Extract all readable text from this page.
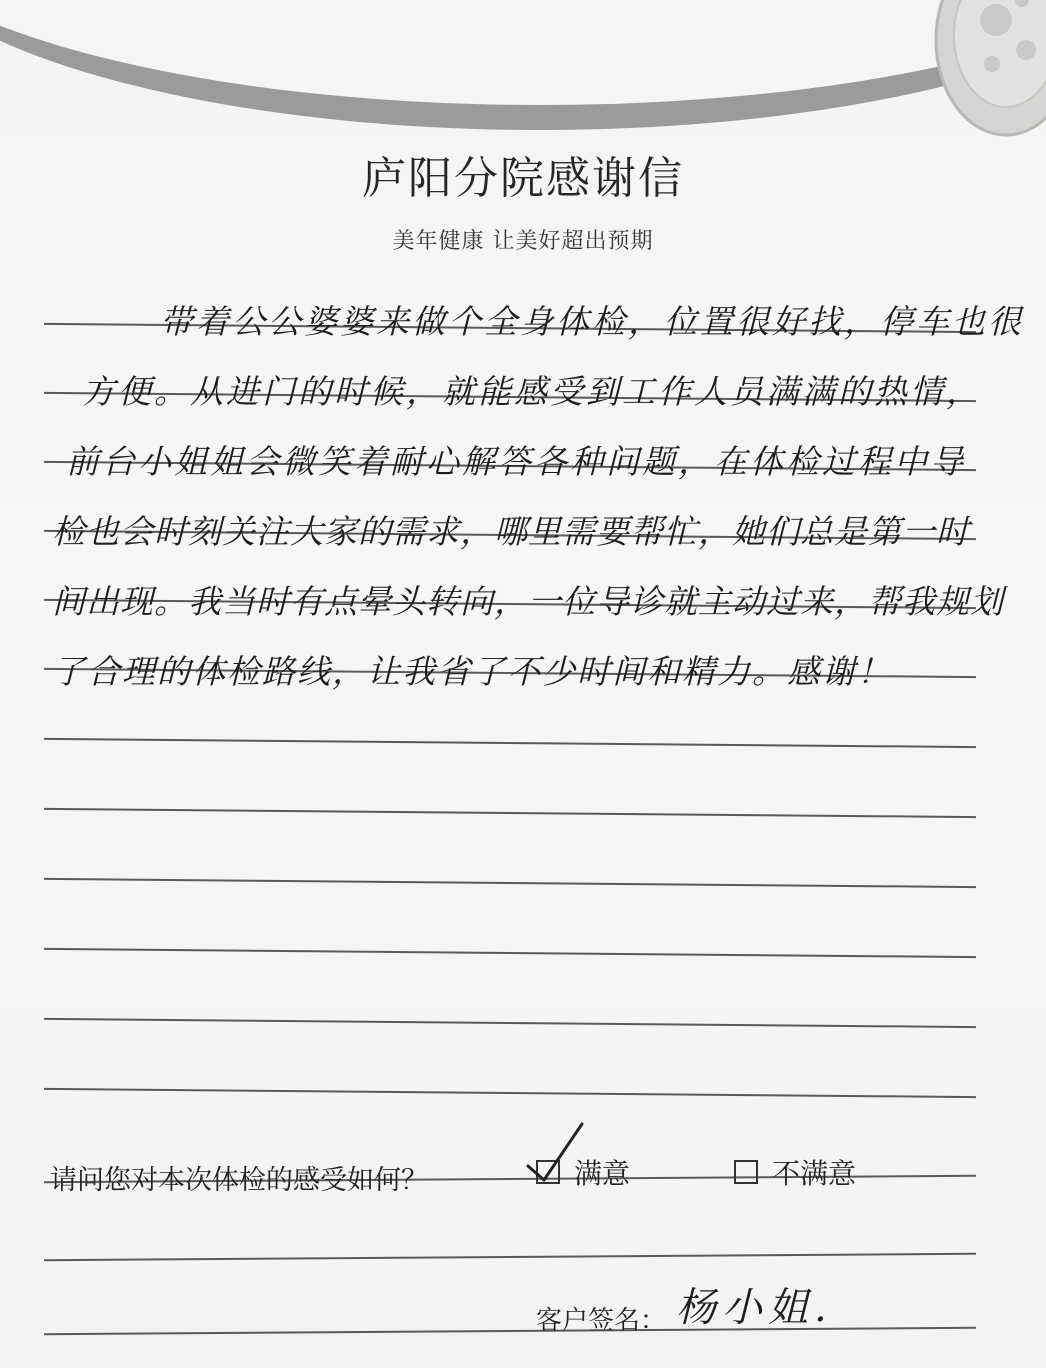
庐阳分院感谢信
美年健康 让美好超出预期
带着公公婆婆来做个全身体检，位置很好找，停车也很
方便。从进门的时候，就能感受到工作人员满满的热情，
前台小姐姐会微笑着耐心解答各种问题，在体检过程中导
检也会时刻关注大家的需求，哪里需要帮忙，她们总是第一时
间出现。我当时有点晕头转向，一位导诊就主动过来，帮我规划
了合理的体检路线，让我省了不少时间和精力。感谢！
请问您对本次体检的感受如何？	满意	不满意
客户签名： 杨小姐.
